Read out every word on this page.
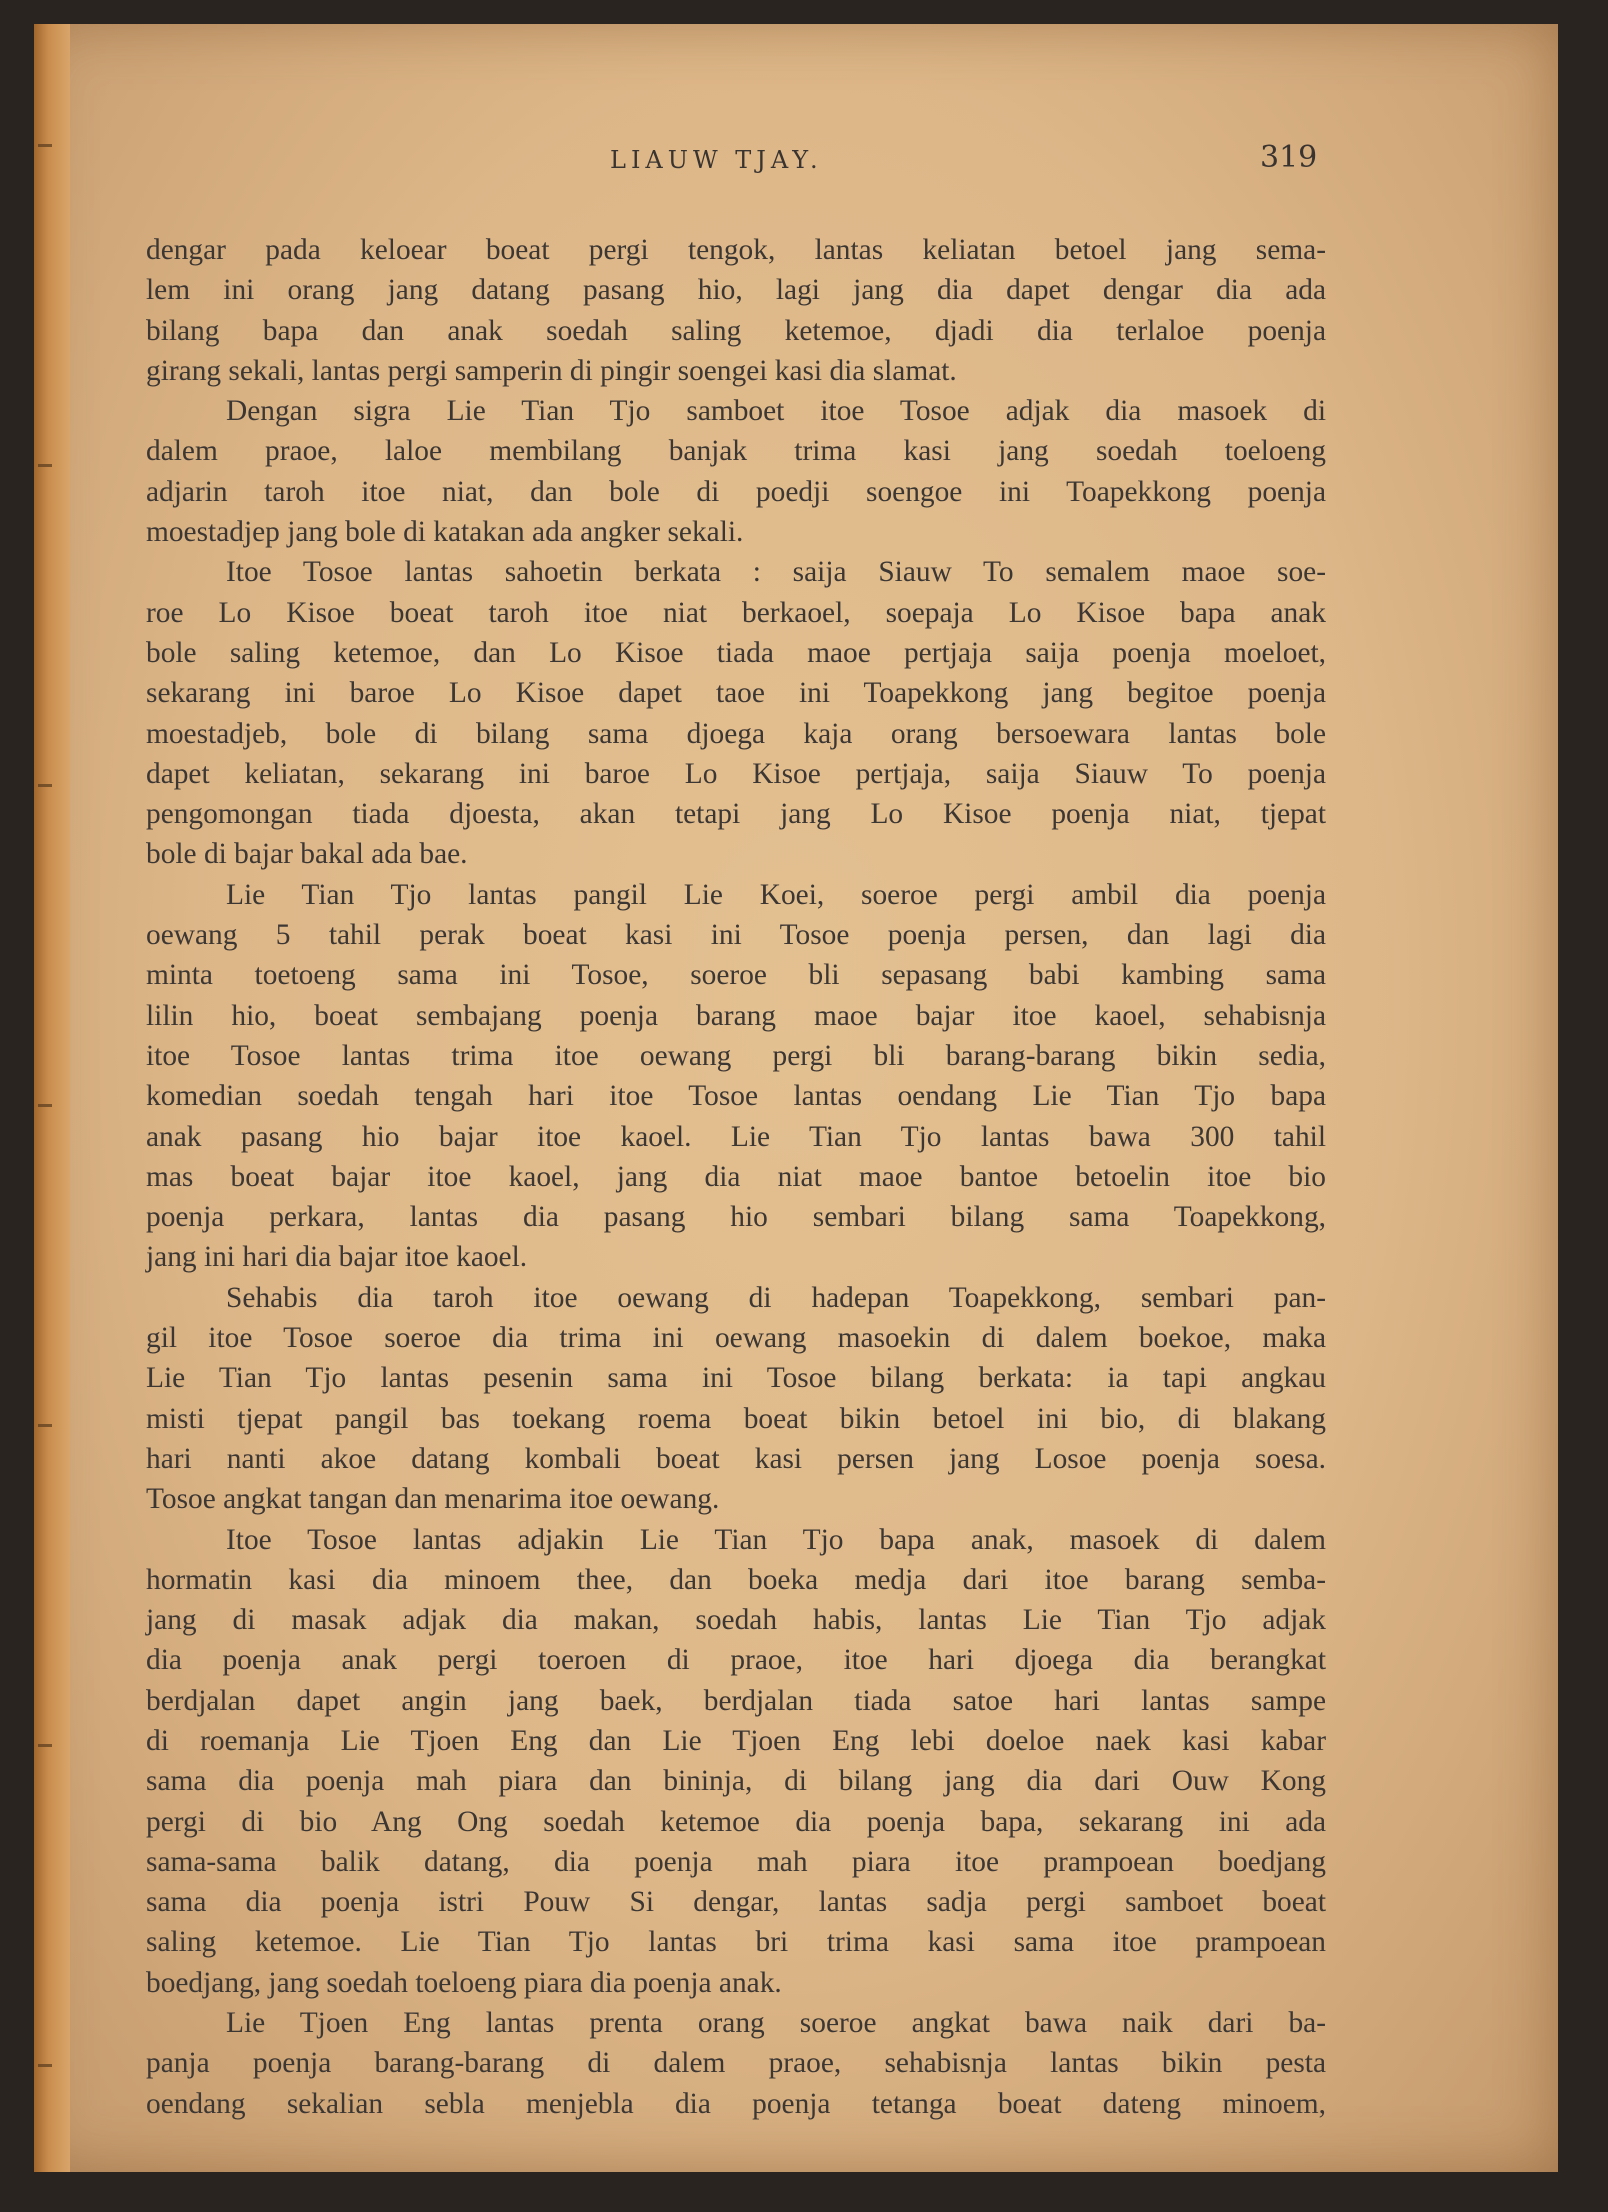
LIAUW TJAY.	319
dengar pada keloear boeat pergi tengok, lantas keliatan betoel jang sema-
lem ini orang jang datang pasang hio, lagi jang dia dapet dengar dia ada
bilang bapa dan anak soedah saling ketemoe, djadi dia terlaloe poenja
girang sekali, lantas pergi samperin di pingir soengei kasi dia slamat.
Dengan sigra Lie Tian Tjo samboet itoe Tosoe adjak dia masoek di
dalem praoe, laloe membilang banjak trima kasi jang soedah toeloeng
adjarin taroh itoe niat, dan bole di poedji soengoe ini Toapekkong poenja
moestadjep jang bole di katakan ada angker sekali.
Itoe Tosoe lantas sahoetin berkata : saija Siauw To semalem maoe soe-
roe Lo Kisoe boeat taroh itoe niat berkaoel, soepaja Lo Kisoe bapa anak
bole saling ketemoe, dan Lo Kisoe tiada maoe pertjaja saija poenja moeloet,
sekarang ini baroe Lo Kisoe dapet taoe ini Toapekkong jang begitoe poenja
moestadjeb, bole di bilang sama djoega kaja orang bersoewara lantas bole
dapet keliatan, sekarang ini baroe Lo Kisoe pertjaja, saija Siauw To poenja
pengomongan tiada djoesta, akan tetapi jang Lo Kisoe poenja niat, tjepat
bole di bajar bakal ada bae.
Lie Tian Tjo lantas pangil Lie Koei, soeroe pergi ambil dia poenja
oewang 5 tahil perak boeat kasi ini Tosoe poenja persen, dan lagi dia
minta toetoeng sama ini Tosoe, soeroe bli sepasang babi kambing sama
lilin hio, boeat sembajang poenja barang maoe bajar itoe kaoel, sehabisnja
itoe Tosoe lantas trima itoe oewang pergi bli barang-barang bikin sedia,
komedian soedah tengah hari itoe Tosoe lantas oendang Lie Tian Tjo bapa
anak pasang hio bajar itoe kaoel. Lie Tian Tjo lantas bawa 300 tahil
mas boeat bajar itoe kaoel, jang dia niat maoe bantoe betoelin itoe bio
poenja perkara, lantas dia pasang hio sembari bilang sama Toapekkong,
jang ini hari dia bajar itoe kaoel.
Sehabis dia taroh itoe oewang di hadepan Toapekkong, sembari pan-
gil itoe Tosoe soeroe dia trima ini oewang masoekin di dalem boekoe, maka
Lie Tian Tjo lantas pesenin sama ini Tosoe bilang berkata: ia tapi angkau
misti tjepat pangil bas toekang roema boeat bikin betoel ini bio, di blakang
hari nanti akoe datang kombali boeat kasi persen jang Losoe poenja soesa.
Tosoe angkat tangan dan menarima itoe oewang.
Itoe Tosoe lantas adjakin Lie Tian Tjo bapa anak, masoek di dalem
hormatin kasi dia minoem thee, dan boeka medja dari itoe barang semba-
jang di masak adjak dia makan, soedah habis, lantas Lie Tian Tjo adjak
dia poenja anak pergi toeroen di praoe, itoe hari djoega dia berangkat
berdjalan dapet angin jang baek, berdjalan tiada satoe hari lantas sampe
di roemanja Lie Tjoen Eng dan Lie Tjoen Eng lebi doeloe naek kasi kabar
sama dia poenja mah piara dan bininja, di bilang jang dia dari Ouw Kong
pergi di bio Ang Ong soedah ketemoe dia poenja bapa, sekarang ini ada
sama-sama balik datang, dia poenja mah piara itoe prampoean boedjang
sama dia poenja istri Pouw Si dengar, lantas sadja pergi samboet boeat
saling ketemoe. Lie Tian Tjo lantas bri trima kasi sama itoe prampoean
boedjang, jang soedah toeloeng piara dia poenja anak.
Lie Tjoen Eng lantas prenta orang soeroe angkat bawa naik dari ba-
panja poenja barang-barang di dalem praoe, sehabisnja lantas bikin pesta
oendang sekalian sebla menjebla dia poenja tetanga boeat dateng minoem,
